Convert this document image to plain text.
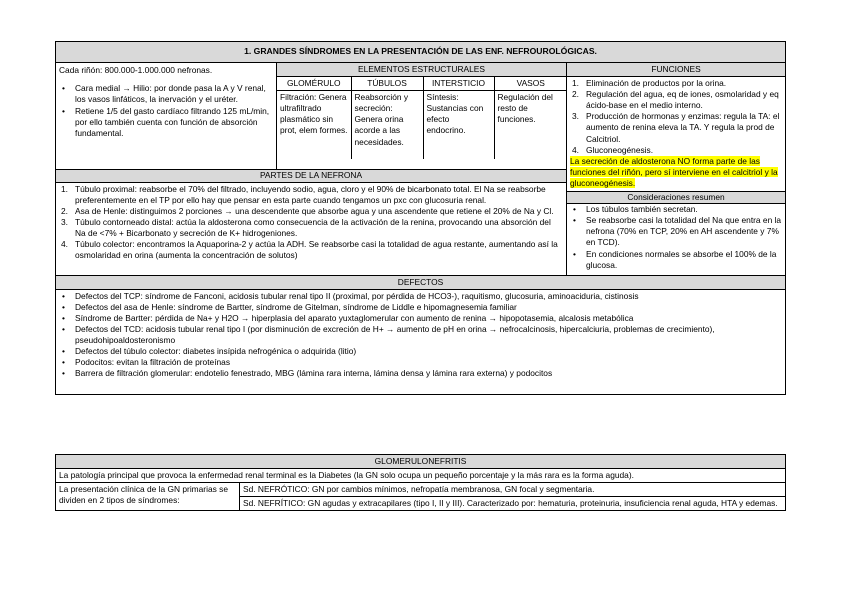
1. GRANDES SÍNDROMES EN LA PRESENTACIÓN DE LAS ENF. NEFROUROLÓGICAS.

Cada riñón: 800.000-1.000.000 nefronas.
• Cara medial → Hilio: por donde pasa la A y V renal, los vasos linfáticos, la inervación y el uréter.
• Retiene 1/5 del gasto cardíaco filtrando 125 mL/min, por ello también cuenta con función de absorción fundamental.
	ELEMENTOS ESTRUCTURALES	FUNCIONES

GLOMÉRULO	TÚBULOS	INTERSTICIO	VASOS
Filtración: Genera ultrafiltrado plasmático sin prot, elem formes.	Reabsorción y secreción: Genera orina acorde a las necesidades.	Síntesis: Sustancias con efecto endocrino.	Regulación del resto de funciones.

1. Eliminación de productos por la orina.
2. Regulación del agua, eq de iones, osmolaridad y eq ácido-base en el medio interno.
3. Producción de hormonas y enzimas: regula la TA: el aumento de renina eleva la TA. Y regula la prod de Calcitriol.
4. Gluconeogénesis.
La secreción de aldosterona NO forma parte de las funciones del riñón, pero sí interviene en el calcitriol y la gluconeogénesis.
Consideraciones resumen
• Los túbulos también secretan.
• Se reabsorbe casi la totalidad del Na que entra en la nefrona (70% en TCP, 20% en AH ascendente y 7% en TCD).
• En condiciones normales se absorbe el 100% de la glucosa.

PARTES DE LA NEFRONA
1. Túbulo proximal: reabsorbe el 70% del filtrado, incluyendo sodio, agua, cloro y el 90% de bicarbonato total. El Na se reabsorbe preferentemente en el TP por ello hay que pensar en esta parte cuando tengamos un pxc con glucosuria renal.
2. Asa de Henle: distinguimos 2 porciones → una descendente que absorbe agua y una ascendente que retiene el 20% de Na y Cl.
3. Túbulo contorneado distal: actúa la aldosterona como consecuencia de la activación de la renina, provocando una absorción del Na de <7% + Bicarbonato y secreción de K+ hidrogeniones.
4. Túbulo colector: encontramos la Aquaporina-2 y actúa la ADH. Se reabsorbe casi la totalidad de agua restante, aumentando así la osmolaridad en orina (aumenta la concentración de solutos)

DEFECTOS

• Defectos del TCP: síndrome de Fanconi, acidosis tubular renal tipo II (proximal, por pérdida de HCO3-), raquitismo, glucosuria, aminoaciduria, cistinosis
• Defectos del asa de Henle: síndrome de Bartter, síndrome de Gitelman, síndrome de Liddle e hipomagnesemia familiar
• Síndrome de Bartter: pérdida de Na+ y H2O → hiperplasia del aparato yuxtaglomerular con aumento de renina → hipopotasemia, alcalosis metabólica
• Defectos del TCD: acidosis tubular renal tipo I (por disminución de excreción de H+ → aumento de pH en orina → nefrocalcinosis, hipercalciuria, problemas de crecimiento), pseudohipoaldosteronismo
• Defectos del túbulo colector: diabetes insípida nefrogénica o adquirida (litio)
• Podocitos: evitan la filtración de proteínas
• Barrera de filtración glomerular: endotelio fenestrado, MBG (lámina rara interna, lámina densa y lámina rara externa) y podocitos
GLOMERULONEFRITIS
La patología principal que provoca la enfermedad renal terminal es la Diabetes (la GN solo ocupa un pequeño porcentaje y la más rara es la forma aguda).
La presentación clínica de la GN primarias se dividen en 2 tipos de síndromes:	Sd. NEFRÓTICO: GN por cambios mínimos, nefropatía membranosa, GN focal y segmentaria.
Sd. NEFRÍTICO: GN agudas y extracapilares (tipo I, II y III). Caracterizado por: hematuria, proteinuria, insuficiencia renal aguda, HTA y edemas.
